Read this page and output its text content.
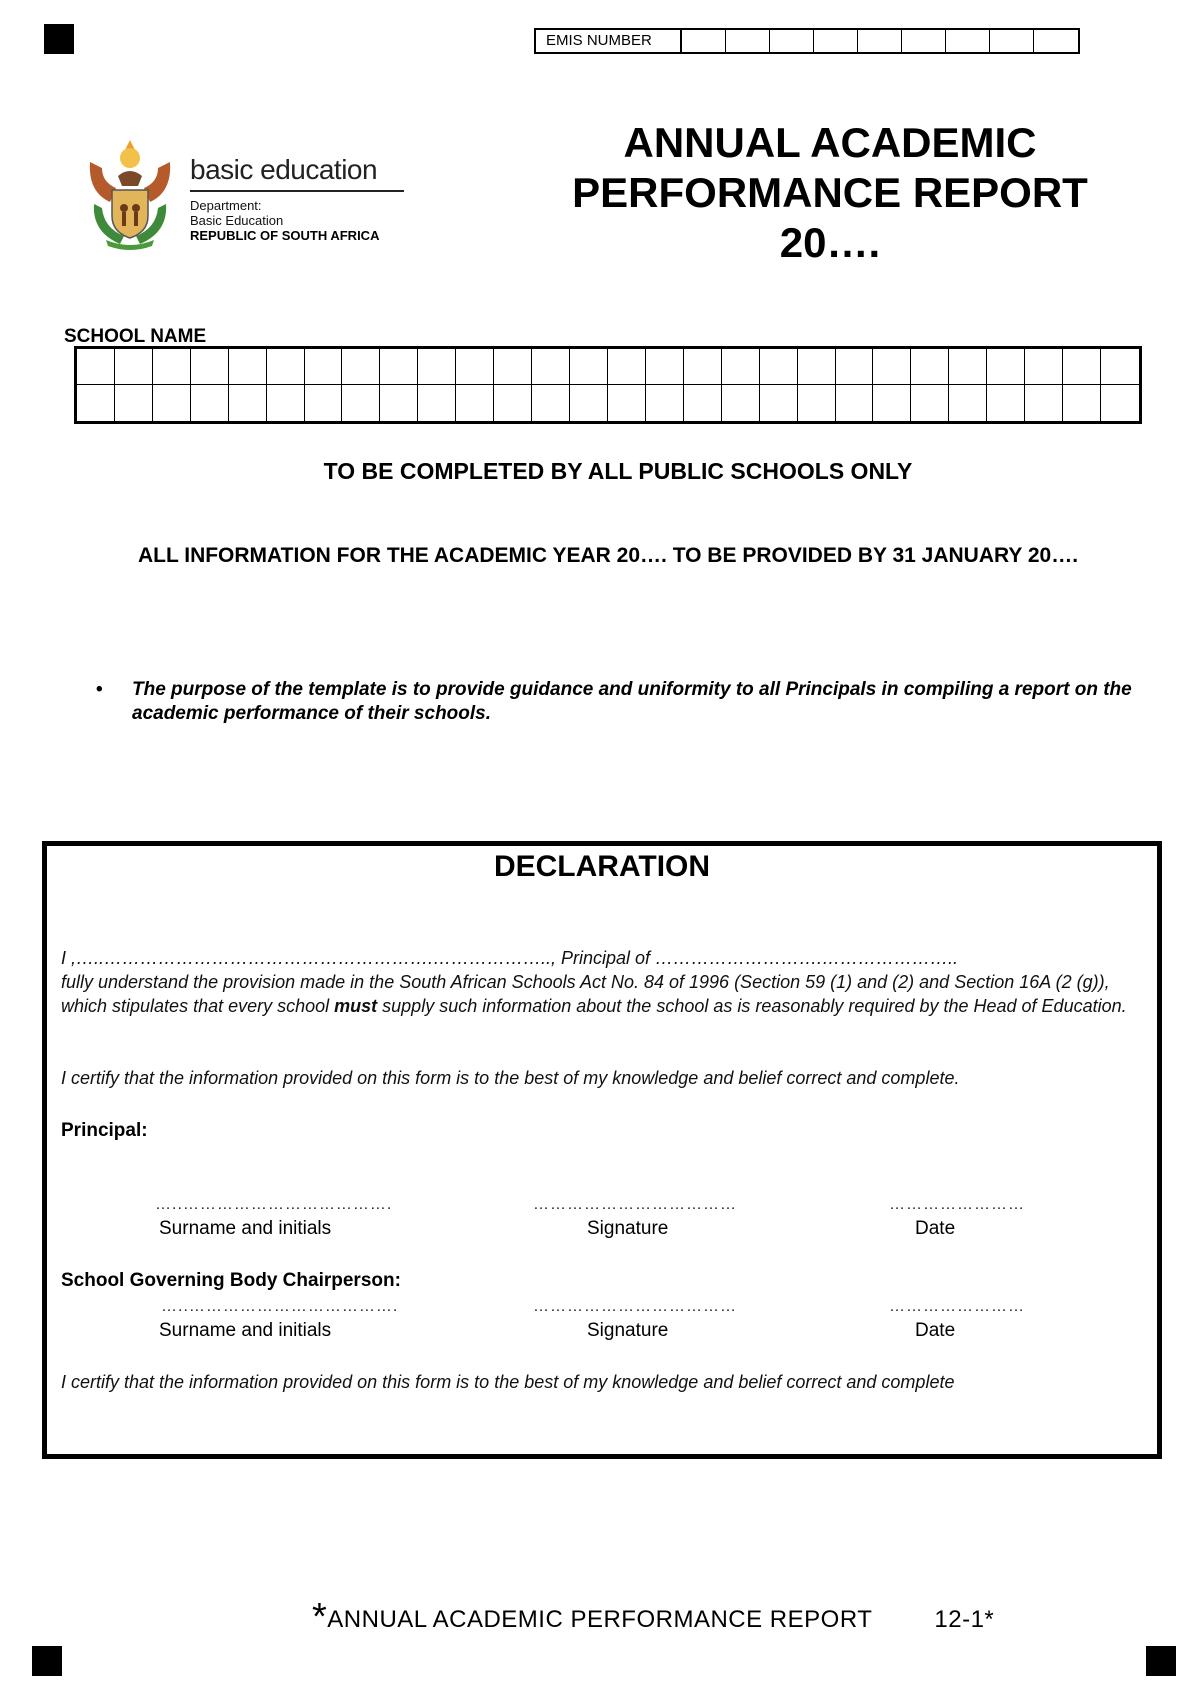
EMIS NUMBER
basic education
Department:
Basic Education
REPUBLIC OF SOUTH AFRICA
ANNUAL ACADEMIC
PERFORMANCE REPORT
20….
SCHOOL NAME
TO BE COMPLETED BY ALL PUBLIC SCHOOLS ONLY
ALL INFORMATION FOR THE ACADEMIC YEAR 20…. TO BE PROVIDED BY 31 JANUARY 20….
• The purpose of the template is to provide guidance and uniformity to all Principals in compiling a report on the academic performance of their schools.
DECLARATION
I ,…..……………………………………………….……………….., Principal of ……………………….…………………..
fully understand the provision made in the South African Schools Act No. 84 of 1996 (Section 59 (1) and (2) and Section 16A (2 (g)), which stipulates that every school must supply such information about the school as is reasonably required by the Head of Education.
I certify that the information provided on this form is to the best of my knowledge and belief correct and complete.
Principal:
…..……………………………….	………………………………	……………………
Surname and initials	Signature	Date
School Governing Body Chairperson:
…..……………………………….	………………………………	……………………
Surname and initials	Signature	Date
I certify that the information provided on this form is to the best of my knowledge and belief correct and complete
*ANNUAL ACADEMIC PERFORMANCE REPORT	12-1*
